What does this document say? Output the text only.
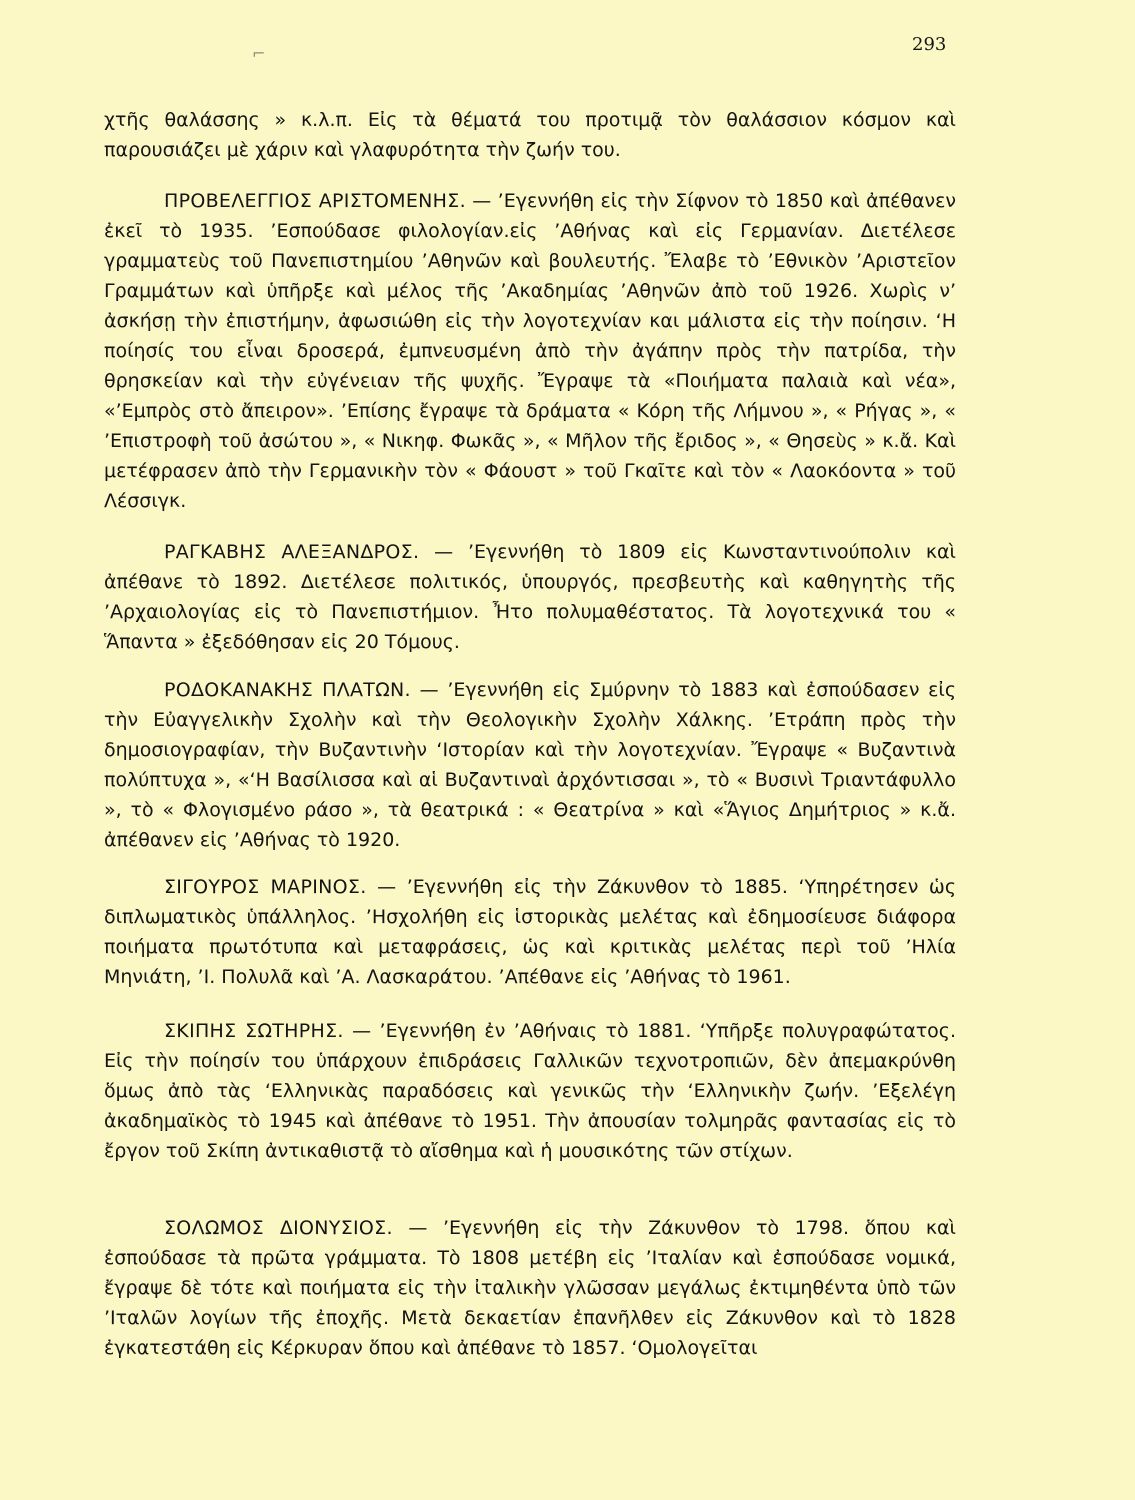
⌐	293

χτῆς θαλάσσης » κ.λ.π. Εἰς τὰ θέματά του προτιμᾷ τὸν θαλάσσιον κόσμον καὶ παρουσιάζει μὲ χάριν καὶ γλαφυρότητα τὴν ζωήν του.

ΠΡΟΒΕΛΕΓΓΙΟΣ ΑΡΙΣΤΟΜΕΝΗΣ. — ’Εγεννήθη εἰς τὴν Σίφνον τὸ 1850 καὶ ἀπέθανεν ἐκεῖ τὸ 1935. ’Εσπούδασε φιλολογίαν.εἰς ’Αθήνας καὶ εἰς Γερμανίαν. Διετέλεσε γραμματεὺς τοῦ Πανεπιστημίου ’Αθηνῶν καὶ βουλευτής. Ἔλαβε τὸ ’Εθνικὸν ’Αριστεῖον Γραμμάτων καὶ ὑπῆρξε καὶ μέλος τῆς ’Ακαδημίας ’Αθηνῶν ἀπὸ τοῦ 1926. Χωρὶς ν’ ἀσκήσῃ τὴν ἐπιστήμην, ἀφωσιώθη εἰς τὴν λογοτεχνίαν και μάλιστα εἰς τὴν ποίησιν. ‘Η ποίησίς του εἶναι δροσερά, ἐμπνευσμένη ἀπὸ τὴν ἀγάπην πρὸς τὴν πατρίδα, τὴν θρησκείαν καὶ τὴν εὐγένειαν τῆς ψυχῆς. Ἔγραψε τὰ «Ποιήματα παλαιὰ καὶ νέα», «’Εμπρὸς στὸ ἄπειρον». ’Επίσης ἔγραψε τὰ δράματα « Κόρη τῆς Λήμνου », « Ρήγας », « ’Επιστροφὴ τοῦ ἀσώτου », « Νικηφ. Φωκᾶς », « Μῆλον τῆς ἔριδος », « Θησεὺς » κ.ἄ. Καὶ μετέφρασεν ἀπὸ τὴν Γερμανικὴν τὸν « Φάουστ » τοῦ Γκαῖτε καὶ τὸν « Λαοκόοντα » τοῦ Λέσσιγκ.

ΡΑΓΚΑΒΗΣ ΑΛΕΞΑΝΔΡΟΣ. — ’Εγεννήθη τὸ 1809 εἰς Κωνσταντινούπολιν καὶ ἀπέθανε τὸ 1892. Διετέλεσε πολιτικός, ὑπουργός, πρεσβευτὴς καὶ καθηγητὴς τῆς ’Αρχαιολογίας εἰς τὸ Πανεπιστήμιον. Ἦτο πολυμαθέστατος. Τὰ λογοτεχνικά του « Ἅπαντα » ἐξεδόθησαν εἰς 20 Τόμους.

ΡΟΔΟΚΑΝΑΚΗΣ ΠΛΑΤΩΝ. — ’Εγεννήθη εἰς Σμύρνην τὸ 1883 καὶ ἐσπούδασεν εἰς τὴν Εὐαγγελικὴν Σχολὴν καὶ τὴν Θεολογικὴν Σχολὴν Χάλκης. ’Ετράπη πρὸς τὴν δημοσιογραφίαν, τὴν Βυζαντινὴν ‘Ιστορίαν καὶ τὴν λογοτεχνίαν. Ἔγραψε « Βυζαντινὰ πολύπτυχα », «‘Η Βασίλισσα καὶ αἱ Βυζαντιναὶ ἀρχόντισσαι », τὸ « Βυσινὶ Τριαντάφυλλο », τὸ « Φλογισμένο ράσο », τὰ θεατρικά : « Θεατρίνα » καὶ «Ἅγιος Δημήτριος » κ.ἄ. ἀπέθανεν εἰς ’Αθήνας τὸ 1920.

ΣΙΓΟΥΡΟΣ ΜΑΡΙΝΟΣ. — ’Εγεννήθη εἰς τὴν Ζάκυνθον τὸ 1885. ‘Υπηρέτησεν ὡς διπλωματικὸς ὑπάλληλος. ’Ησχολήθη εἰς ἱστορικὰς μελέτας καὶ ἐδημοσίευσε διάφορα ποιήματα πρωτότυπα καὶ μεταφράσεις, ὡς καὶ κριτικὰς μελέτας περὶ τοῦ ’Ηλία Μηνιάτη, ’Ι. Πολυλᾶ καὶ ’Α. Λασκαράτου. ’Απέθανε εἰς ’Αθήνας τὸ 1961.

ΣΚΙΠΗΣ ΣΩΤΗΡΗΣ. — ’Εγεννήθη ἐν ’Αθήναις τὸ 1881. ‘Υπῆρξε πολυγραφώτατος. Εἰς τὴν ποίησίν του ὑπάρχουν ἐπιδράσεις Γαλλικῶν τεχνοτροπιῶν, δὲν ἀπεμακρύνθη ὅμως ἀπὸ τὰς ‘Ελληνικὰς παραδόσεις καὶ γενικῶς τὴν ‘Ελληνικὴν ζωήν. ’Εξελέγη ἀκαδημαϊκὸς τὸ 1945 καὶ ἀπέθανε τὸ 1951. Τὴν ἀπουσίαν τολμηρᾶς φαντασίας εἰς τὸ ἔργον τοῦ Σκίπη ἀντικαθιστᾷ τὸ αἴσθημα καὶ ἡ μουσικότης τῶν στίχων.

ΣΟΛΩΜΟΣ ΔΙΟΝΥΣΙΟΣ. — ’Εγεννήθη εἰς τὴν Ζάκυνθον τὸ 1798. ὅπου καὶ ἐσπούδασε τὰ πρῶτα γράμματα. Τὸ 1808 μετέβη εἰς ’Ιταλίαν καὶ ἐσπούδασε νομικά, ἔγραψε δὲ τότε καὶ ποιήματα εἰς τὴν ἰταλικὴν γλῶσσαν μεγάλως ἐκτιμηθέντα ὑπὸ τῶν ’Ιταλῶν λογίων τῆς ἐποχῆς. Μετὰ δεκαετίαν ἐπανῆλθεν εἰς Ζάκυνθον καὶ τὸ 1828 ἐγκατεστάθη εἰς Κέρκυραν ὅπου καὶ ἀπέθανε τὸ 1857. ‘Ομολογεῖται
